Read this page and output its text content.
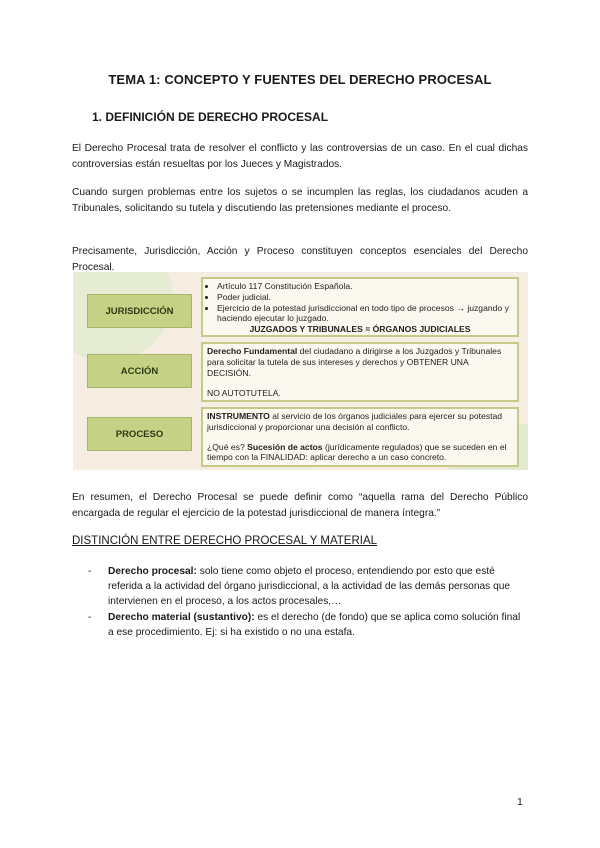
TEMA 1: CONCEPTO Y FUENTES DEL DERECHO PROCESAL
1. DEFINICIÓN DE DERECHO PROCESAL

El Derecho Procesal trata de resolver el conflicto y las controversias de un caso. En el cual dichas controversias están resueltas por los Jueces y Magistrados.

Cuando surgen problemas entre los sujetos o se incumplen las reglas, los ciudadanos acuden a Tribunales, solicitando su tutela y discutiendo las pretensiones mediante el proceso.

Precisamente, Jurisdicción, Acción y Proceso constituyen conceptos esenciales del Derecho Procesal.

JURISDICCIÓN
• Artículo 117 Constitución Española.
• Poder judicial.
• Ejercicio de la potestad jurisdiccional en todo tipo de procesos → juzgando y haciendo ejecutar lo juzgado.
JUZGADOS Y TRIBUNALES = ÓRGANOS JUDICIALES
ACCIÓN
Derecho Fundamental del ciudadano a dirigirse a los Juzgados y Tribunales para solicitar la tutela de sus intereses y derechos y OBTENER UNA DECISIÓN.
NO AUTOTUTELA.
PROCESO
INSTRUMENTO al servicio de los órganos judiciales para ejercer su potestad jurisdiccional y proporcionar una decisión al conflicto.
¿Qué es? Sucesión de actos (jurídicamente regulados) que se suceden en el tiempo con la FINALIDAD: aplicar derecho a un caso concreto.

En resumen, el Derecho Procesal se puede definir como “aquella rama del Derecho Público encargada de regular el ejercicio de la potestad jurisdiccional de manera íntegra.”

DISTINCIÓN ENTRE DERECHO PROCESAL Y MATERIAL
- Derecho procesal: solo tiene como objeto el proceso, entendiendo por esto que esté referida a la actividad del órgano jurisdiccional, a la actividad de las demás personas que intervienen en el proceso, a los actos procesales,…
- Derecho material (sustantivo): es el derecho (de fondo) que se aplica como solución final a ese procedimiento. Ej: si ha existido o no una estafa.
1
